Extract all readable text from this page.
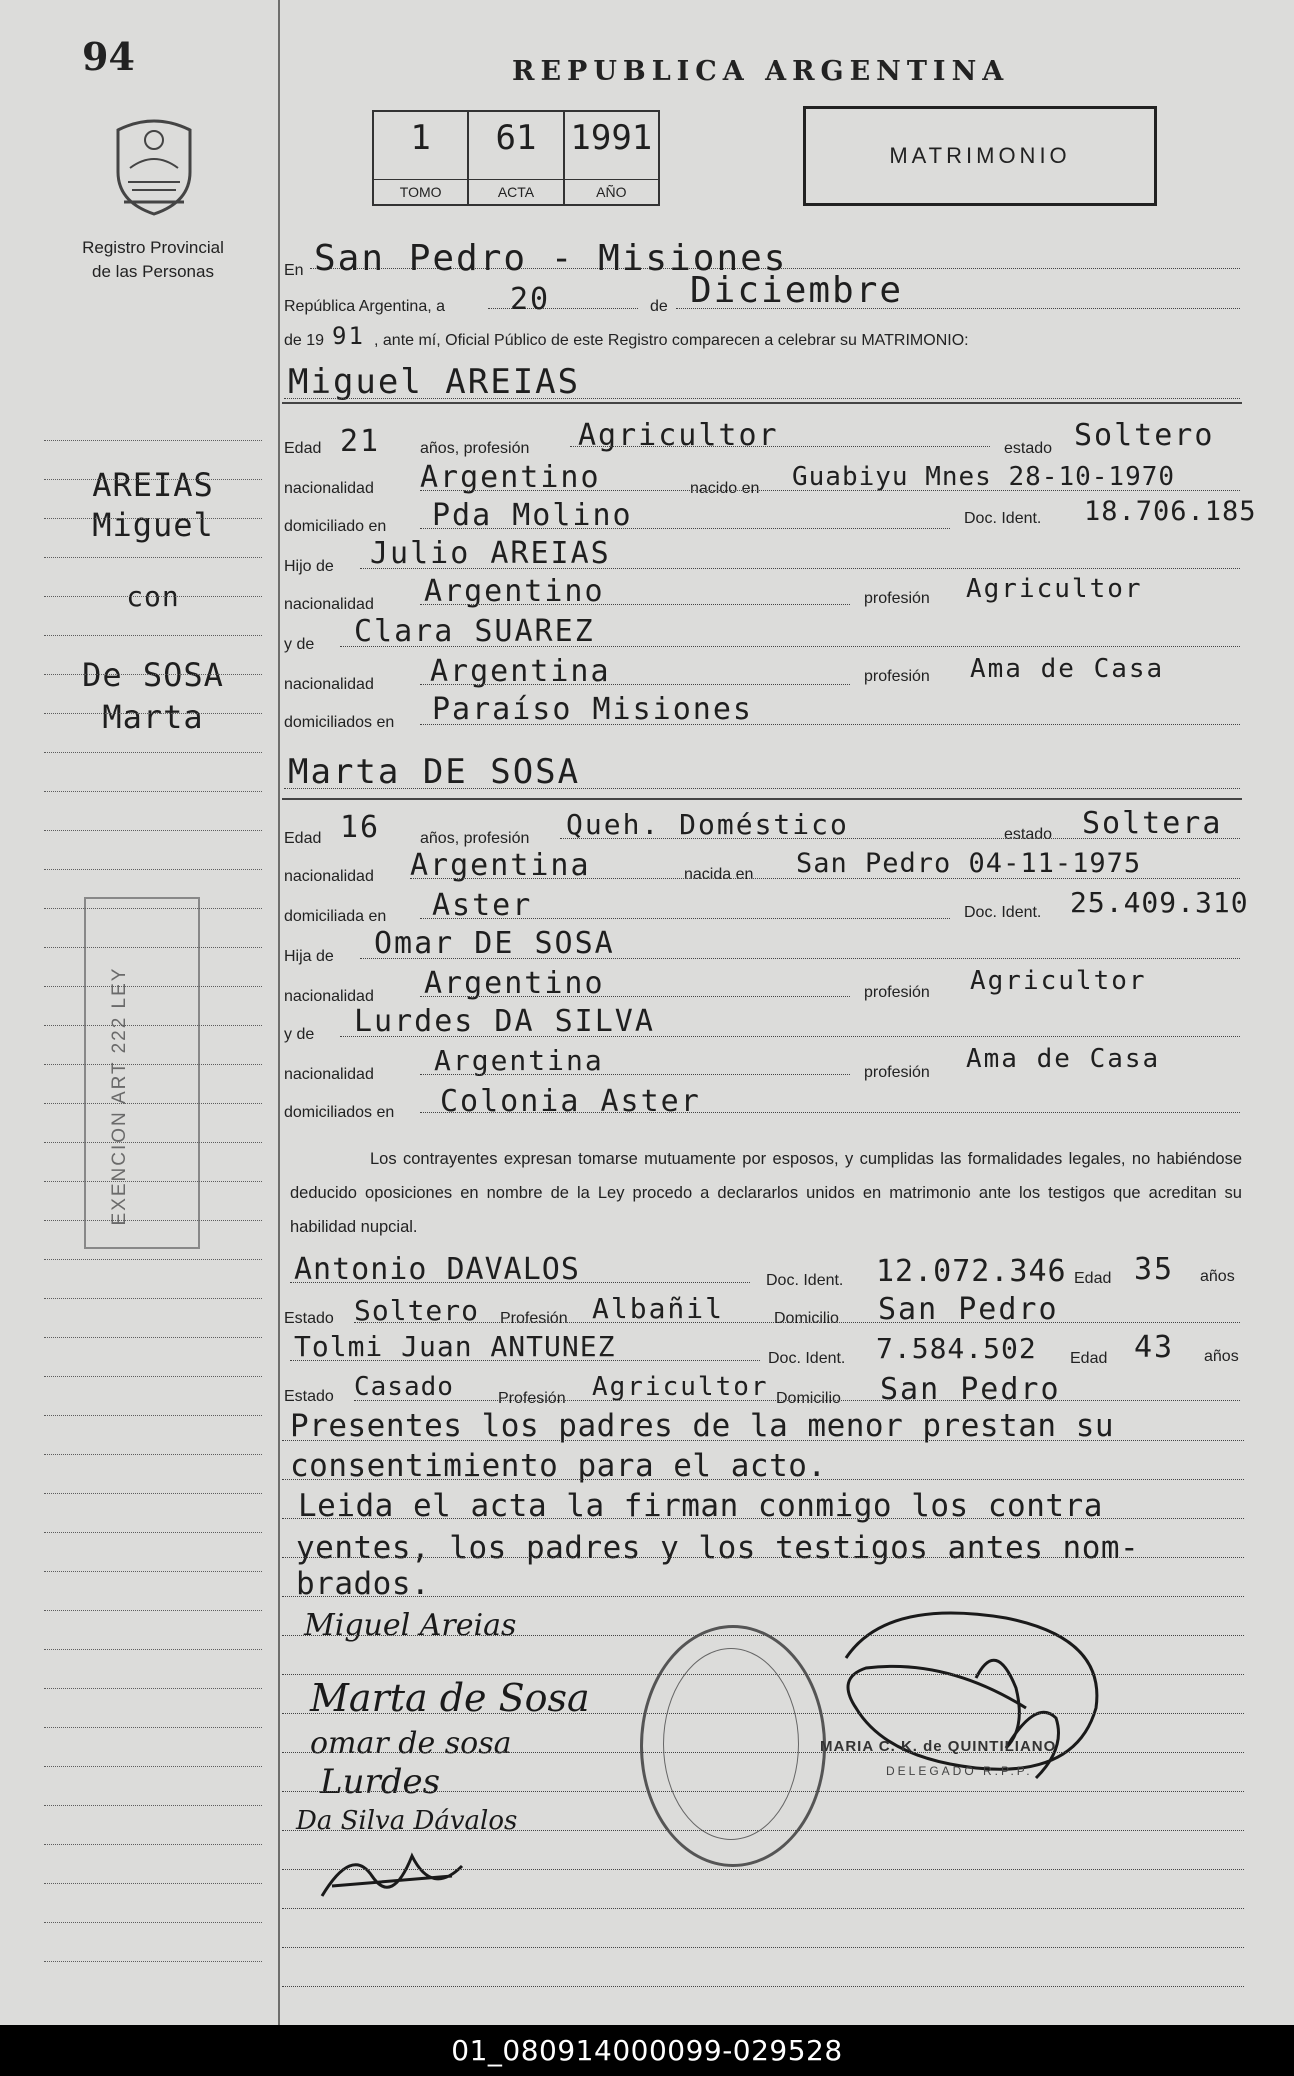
94
Registro Provincial
de las Personas
AREIAS
Miguel
con
De SOSA
Marta
EXENCION ART 222 LEY
REPUBLICA ARGENTINA
1
TOMO
61
ACTA
1991
AÑO
MATRIMONIO
En San Pedro - Misiones
República Argentina, a 20	de Diciembre
de 19 91 , ante mí, Oficial Público de este Registro comparecen a celebrar su MATRIMONIO:
Miguel AREIAS
Edad 21 años, profesión Agricultor	estado Soltero
nacionalidad Argentino	nacido en Guabiyu Mnes 28-10-1970
domiciliado en Pda Molino	Doc. Ident. 18.706.185
Hijo de Julio AREIAS
nacionalidad Argentino	profesión Agricultor
y de Clara SUAREZ
nacionalidad Argentina	profesión Ama de Casa
domiciliados en Paraíso Misiones
Marta DE SOSA
Edad 16 años, profesión Queh. Doméstico	estado Soltera
nacionalidad Argentina	nacida en San Pedro 04-11-1975
domiciliada en Aster	Doc. Ident. 25.409.310
Hija de Omar DE SOSA
nacionalidad Argentino	profesión Agricultor
y de Lurdes DA SILVA
nacionalidad Argentina	profesión Ama de Casa
domiciliados en Colonia Aster
Los contrayentes expresan tomarse mutuamente por esposos, y cumplidas las formalidades legales, no habiéndose deducido oposiciones en nombre de la Ley procedo a declararlos unidos en matrimonio ante los testigos que acreditan su habilidad nupcial.
Antonio DAVALOS	Doc. Ident. 12.072.346 Edad 35 años
Estado Soltero Profesión Albañil	Domicilio San Pedro
Tolmi Juan ANTUNEZ	Doc. Ident. 7.584.502 Edad 43 años
Estado Casado	Profesión Agricultor Domicilio San Pedro
Presentes los padres de la menor prestan su
consentimiento para el acto.
Leida el acta la firman conmigo los contra
yentes, los padres y los testigos antes nom-
brados.
Miguel Areias
Marta de Sosa
omar de sosa
Lurdes
Da Silva Dávalos
MARIA C. K. de QUINTILIANO
DELEGADO R.P.P.
01_080914000099-029528
